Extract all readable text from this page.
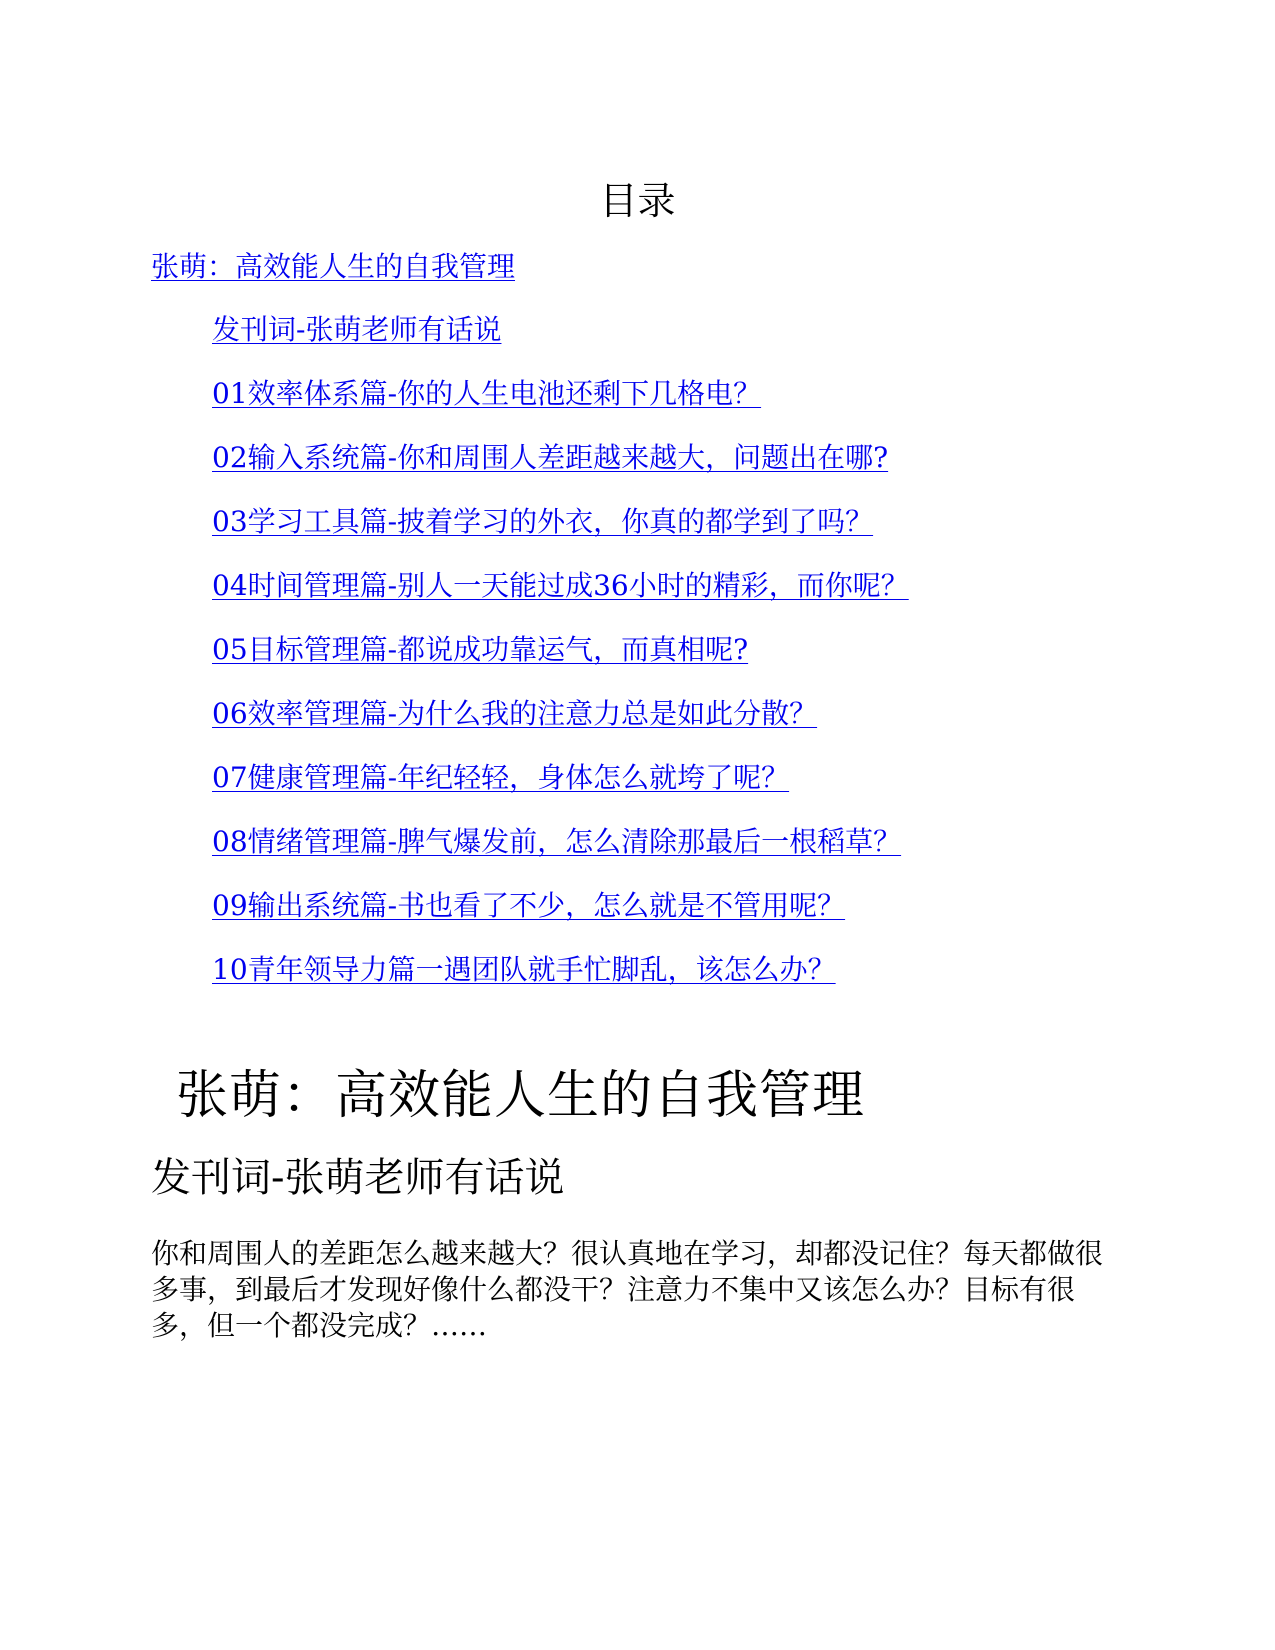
目录
张萌：高效能人生的自我管理
发刊词-张萌老师有话说
01效率体系篇-你的人生电池还剩下几格电？
02输入系统篇-你和周围人差距越来越大，问题出在哪?
03学习工具篇-披着学习的外衣，你真的都学到了吗？
04时间管理篇-别人一天能过成36小时的精彩，而你呢？
05目标管理篇-都说成功靠运气，而真相呢?
06效率管理篇-为什么我的注意力总是如此分散？
07健康管理篇-年纪轻轻，身体怎么就垮了呢？
08情绪管理篇-脾气爆发前，怎么清除那最后一根稻草？
09输出系统篇-书也看了不少，怎么就是不管用呢？
10青年领导力篇一遇团队就手忙脚乱，该怎么办？
张萌：高效能人生的自我管理
发刊词-张萌老师有话说
你和周围人的差距怎么越来越大？很认真地在学习，却都没记住？每天都做很多事，到最后才发现好像什么都没干？注意力不集中又该怎么办？目标有很多，但一个都没完成？……
